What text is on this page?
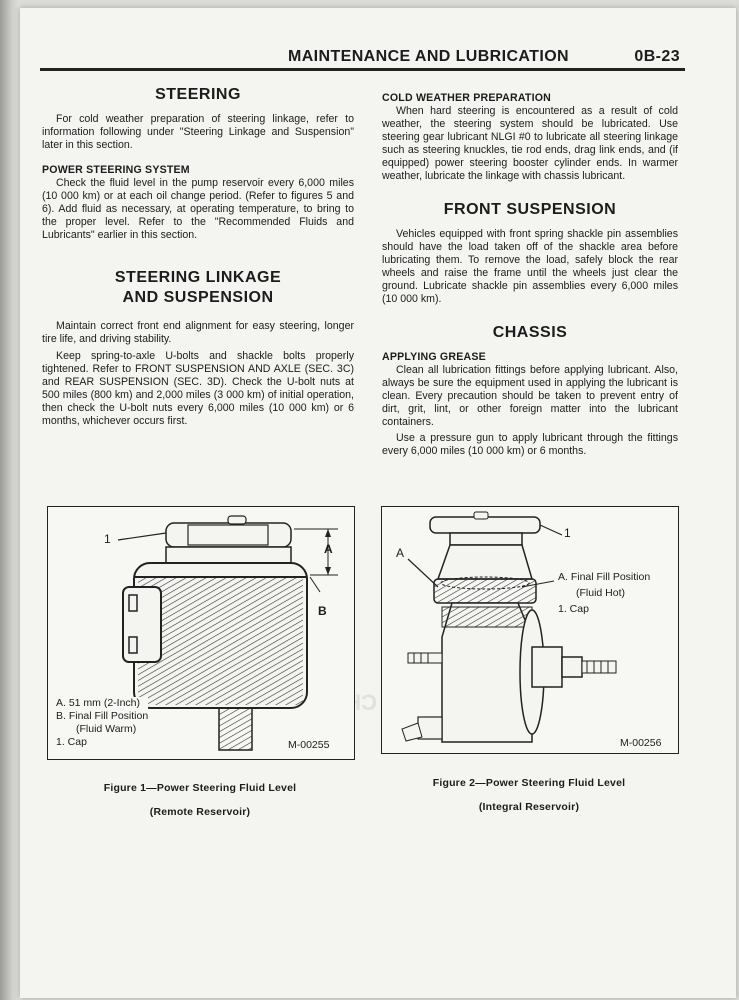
MAINTENANCE AND LUBRICATION	0B-23
STEERING

For cold weather preparation of steering linkage, refer to information following under "Steering Linkage and Suspension" later in this section.

POWER STEERING SYSTEM

Check the fluid level in the pump reservoir every 6,000 miles (10 000 km) or at each oil change period. (Refer to figures 5 and 6). Add fluid as necessary, at operating temperature, to bring to the proper level. Refer to the "Recommended Fluids and Lubricants" earlier in this section.

STEERING LINKAGE
AND SUSPENSION

Maintain correct front end alignment for easy steering, longer tire life, and driving stability.

Keep spring-to-axle U-bolts and shackle bolts properly tightened. Refer to FRONT SUSPENSION AND AXLE (SEC. 3C) and REAR SUSPENSION (SEC. 3D). Check the U-bolt nuts at 500 miles (800 km) and 2,000 miles (3 000 km) of initial operation, then check the U-bolt nuts every 6,000 miles (10 000 km) or 6 months, whichever occurs first.

COLD WEATHER PREPARATION

When hard steering is encountered as a result of cold weather, the steering system should be lubricated. Use steering gear lubricant NLGI #0 to lubricate all steering linkage such as steering knuckles, tie rod ends, drag link ends, and (if equipped) power steering booster cylinder ends. In warmer weather, lubricate the linkage with chassis lubricant.

FRONT SUSPENSION

Vehicles equipped with front spring shackle pin assemblies should have the load taken off of the shackle area before lubricating them. To remove the load, safely block the rear wheels and raise the frame until the wheels just clear the ground. Lubricate shackle pin assemblies every 6,000 miles (10 000 km).

CHASSIS
APPLYING GREASE

Clean all lubrication fittings before applying lubricant. Also, always be sure the equipment used in applying the lubricant is clean. Every precaution should be taken to prevent entry of dirt, grit, lint, or other foreign matter into the lubricant containers.

Use a pressure gun to apply lubricant through the fittings every 6,000 miles (10 000 km) or 6 months.

1
A
B
A. 51 mm (2-Inch)
B. Final Fill Position
(Fluid Warm)
1. Cap	M-00255
Figure 1—Power Steering Fluid Level
(Remote Reservoir)
1
A
A. Final Fill Position
(Fluid Hot)
1. Cap
M-00256
Figure 2—Power Steering Fluid Level
(Integral Reservoir)
